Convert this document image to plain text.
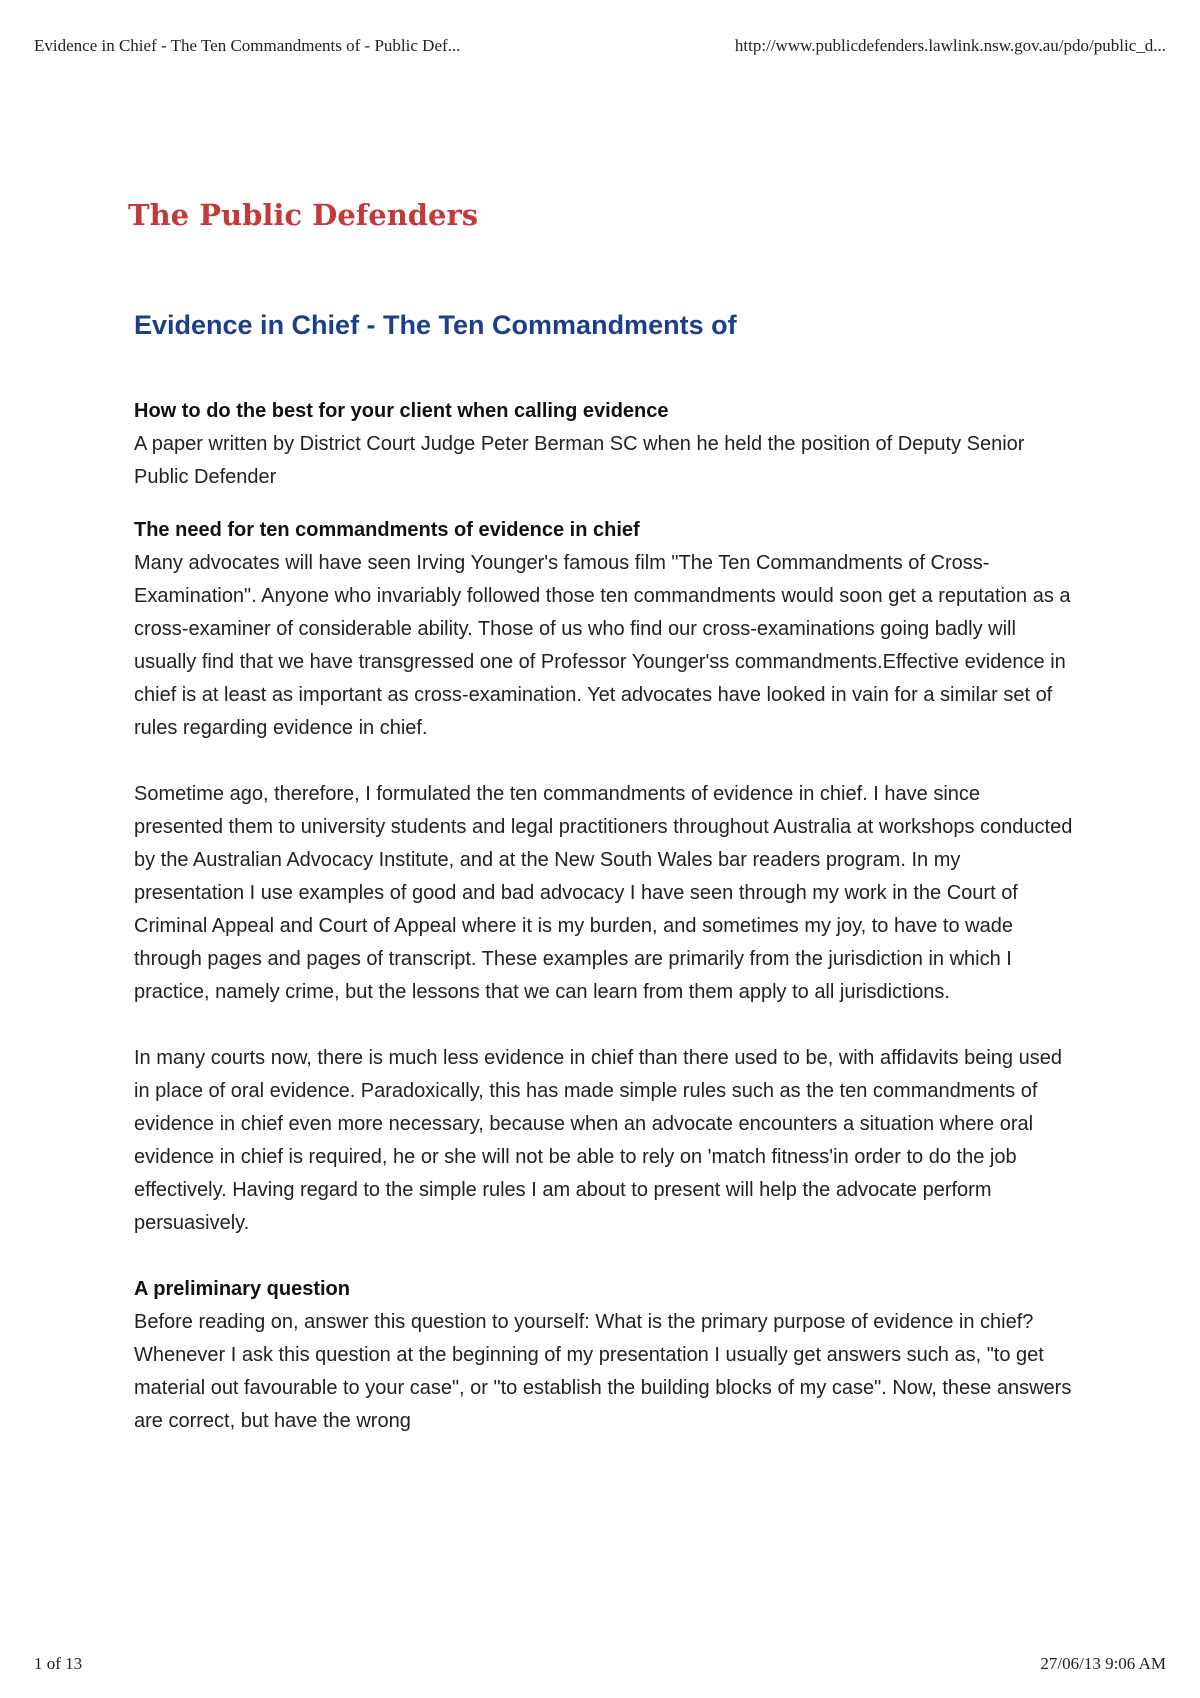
Evidence in Chief - The Ten Commandments of - Public Def...	http://www.publicdefenders.lawlink.nsw.gov.au/pdo/public_d...
The Public Defenders
Evidence in Chief - The Ten Commandments of

How to do the best for your client when calling evidence

A paper written by District Court Judge Peter Berman SC when he held the position of Deputy Senior Public Defender

The need for ten commandments of evidence in chief

Many advocates will have seen Irving Younger's famous film "The Ten Commandments of Cross-Examination". Anyone who invariably followed those ten commandments would soon get a reputation as a cross-examiner of considerable ability. Those of us who find our cross-examinations going badly will usually find that we have transgressed one of Professor Younger'ss commandments.Effective evidence in chief is at least as important as cross-examination. Yet advocates have looked in vain for a similar set of rules regarding evidence in chief.

Sometime ago, therefore, I formulated the ten commandments of evidence in chief. I have since presented them to university students and legal practitioners throughout Australia at workshops conducted by the Australian Advocacy Institute, and at the New South Wales bar readers program. In my presentation I use examples of good and bad advocacy I have seen through my work in the Court of Criminal Appeal and Court of Appeal where it is my burden, and sometimes my joy, to have to wade through pages and pages of transcript. These examples are primarily from the jurisdiction in which I practice, namely crime, but the lessons that we can learn from them apply to all jurisdictions.

In many courts now, there is much less evidence in chief than there used to be, with affidavits being used in place of oral evidence. Paradoxically, this has made simple rules such as the ten commandments of evidence in chief even more necessary, because when an advocate encounters a situation where oral evidence in chief is required, he or she will not be able to rely on 'match fitness'in order to do the job effectively. Having regard to the simple rules I am about to present will help the advocate perform persuasively.

A preliminary question

Before reading on, answer this question to yourself: What is the primary purpose of evidence in chief? Whenever I ask this question at the beginning of my presentation I usually get answers such as, "to get material out favourable to your case", or "to establish the building blocks of my case". Now, these answers are correct, but have the wrong

1 of 13	27/06/13 9:06 AM
